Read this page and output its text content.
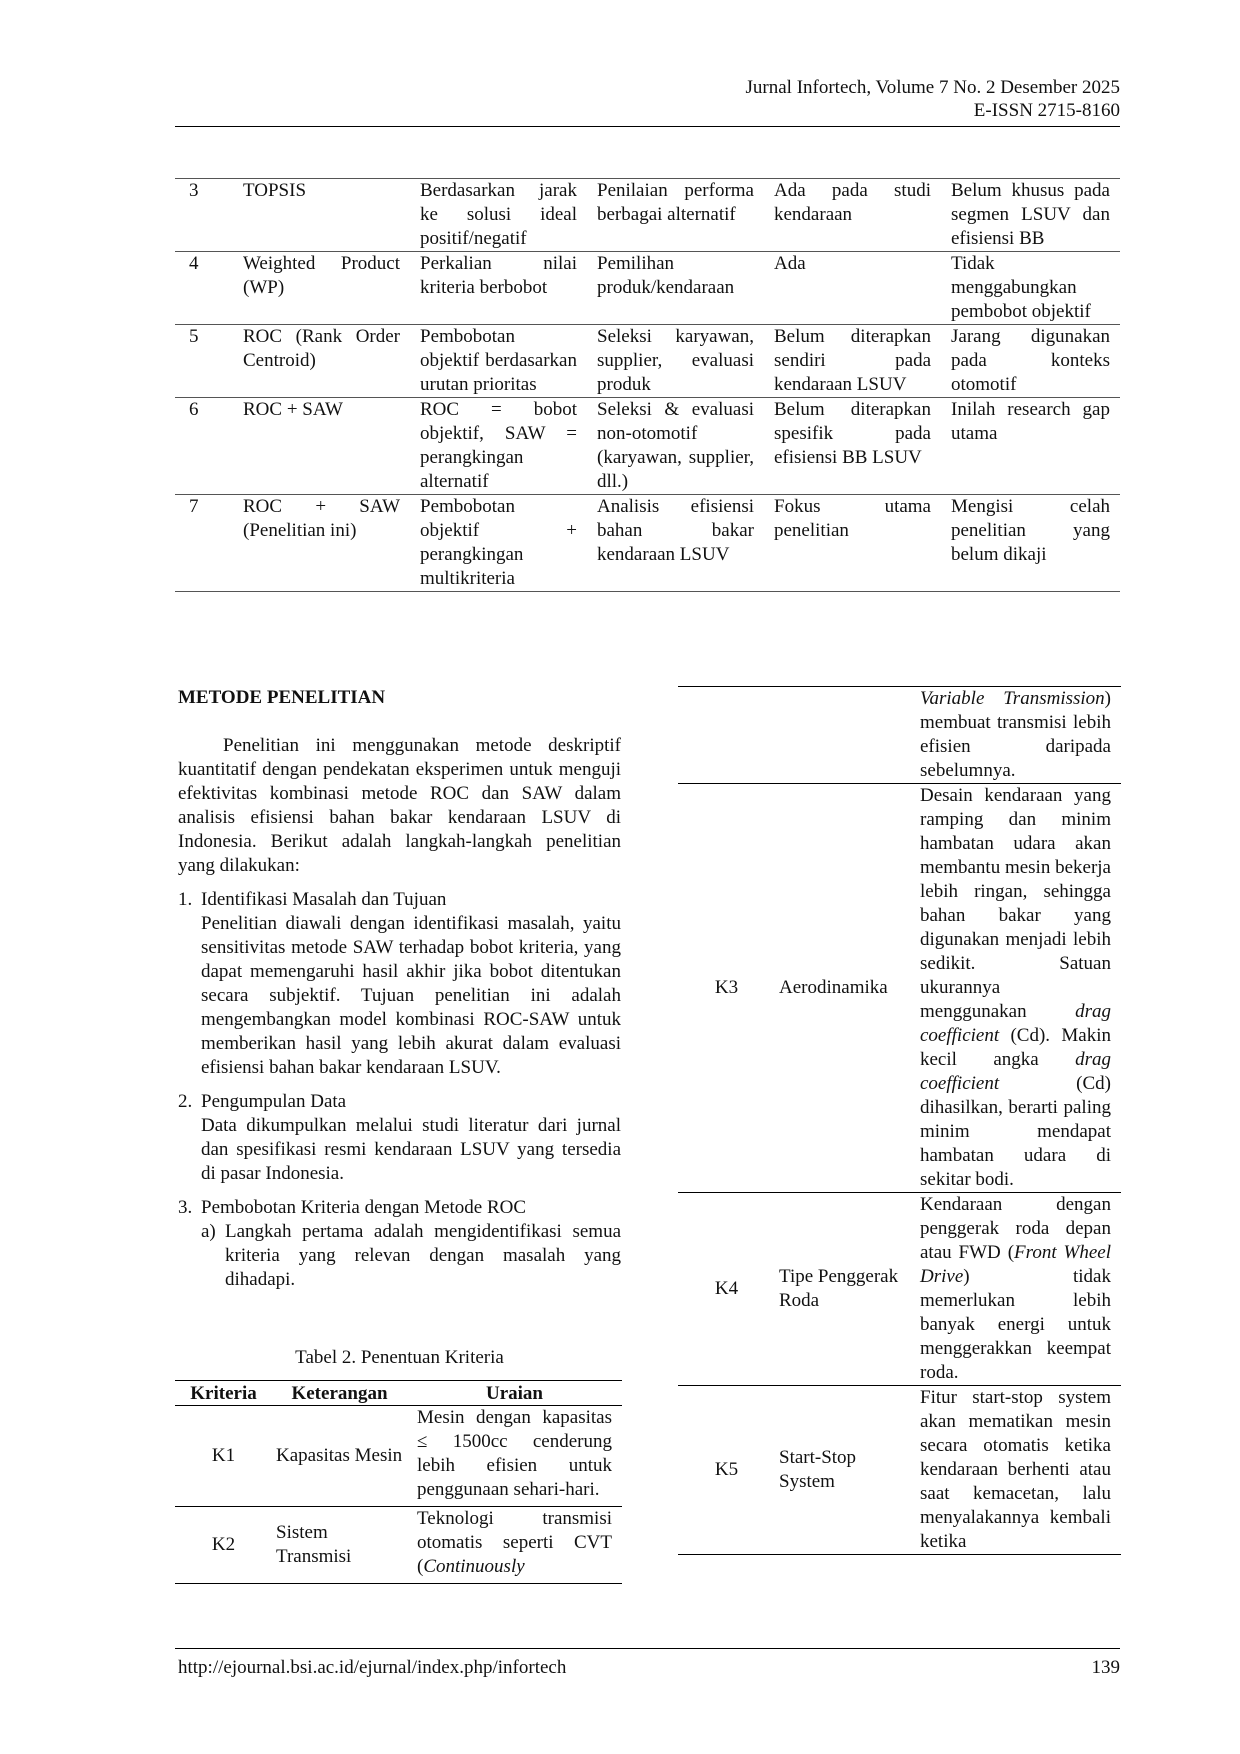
Jurnal Infortech, Volume 7 No. 2 Desember 2025
E-ISSN 2715-8160
3	TOPSIS	Berdasarkan jarak ke solusi ideal positif/negatif	Penilaian performa berbagai alternatif	Ada pada studi kendaraan	Belum khusus pada segmen LSUV dan efisiensi BB
4	Weighted Product (WP)	Perkalian nilai kriteria berbobot	Pemilihan produk/kendaraan	Ada	Tidak menggabungkan pembobot objektif
5	ROC (Rank Order Centroid)	Pembobotan objektif berdasarkan urutan prioritas	Seleksi karyawan, supplier, evaluasi produk	Belum diterapkan sendiri pada kendaraan LSUV	Jarang digunakan pada konteks otomotif
6	ROC + SAW	ROC = bobot objektif, SAW = perangkingan alternatif	Seleksi & evaluasi non-otomotif (karyawan, supplier, dll.)	Belum diterapkan spesifik pada efisiensi BB LSUV	Inilah research gap utama
7	ROC + SAW (Penelitian ini)	Pembobotan objektif + perangkingan multikriteria	Analisis efisiensi bahan bakar kendaraan LSUV	Fokus utama penelitian	Mengisi celah penelitian yang belum dikaji
METODE PENELITIAN

Penelitian ini menggunakan metode deskriptif kuantitatif dengan pendekatan eksperimen untuk menguji efektivitas kombinasi metode ROC dan SAW dalam analisis efisiensi bahan bakar kendaraan LSUV di Indonesia. Berikut adalah langkah-langkah penelitian yang dilakukan:

1. Identifikasi Masalah dan Tujuan
Penelitian diawali dengan identifikasi masalah, yaitu sensitivitas metode SAW terhadap bobot kriteria, yang dapat memengaruhi hasil akhir jika bobot ditentukan secara subjektif. Tujuan penelitian ini adalah mengembangkan model kombinasi ROC-SAW untuk memberikan hasil yang lebih akurat dalam evaluasi efisiensi bahan bakar kendaraan LSUV.
2. Pengumpulan Data
Data dikumpulkan melalui studi literatur dari jurnal dan spesifikasi resmi kendaraan LSUV yang tersedia di pasar Indonesia.
3. Pembobotan Kriteria dengan Metode ROC
a) Langkah pertama adalah mengidentifikasi semua kriteria yang relevan dengan masalah yang dihadapi.
Tabel 2. Penentuan Kriteria
Kriteria	Keterangan	Uraian
K1	Kapasitas Mesin	Mesin dengan kapasitas ≤ 1500cc cenderung lebih efisien untuk penggunaan sehari-hari.
K2	Sistem Transmisi	Teknologi transmisi otomatis seperti CVT (Continuously
		Variable Transmission) membuat transmisi lebih efisien daripada sebelumnya.
K3	Aerodinamika	Desain kendaraan yang ramping dan minim hambatan udara akan membantu mesin bekerja lebih ringan, sehingga bahan bakar yang digunakan menjadi lebih sedikit. Satuan ukurannya menggunakan drag coefficient (Cd). Makin kecil angka drag coefficient (Cd) dihasilkan, berarti paling minim mendapat hambatan udara di sekitar bodi.
K4	Tipe Penggerak Roda	Kendaraan dengan penggerak roda depan atau FWD (Front Wheel Drive) tidak memerlukan lebih banyak energi untuk menggerakkan keempat roda.
K5	Start-Stop System	Fitur start-stop system akan mematikan mesin secara otomatis ketika kendaraan berhenti atau saat kemacetan, lalu menyalakannya kembali ketika
http://ejournal.bsi.ac.id/ejurnal/index.php/infortech	139
